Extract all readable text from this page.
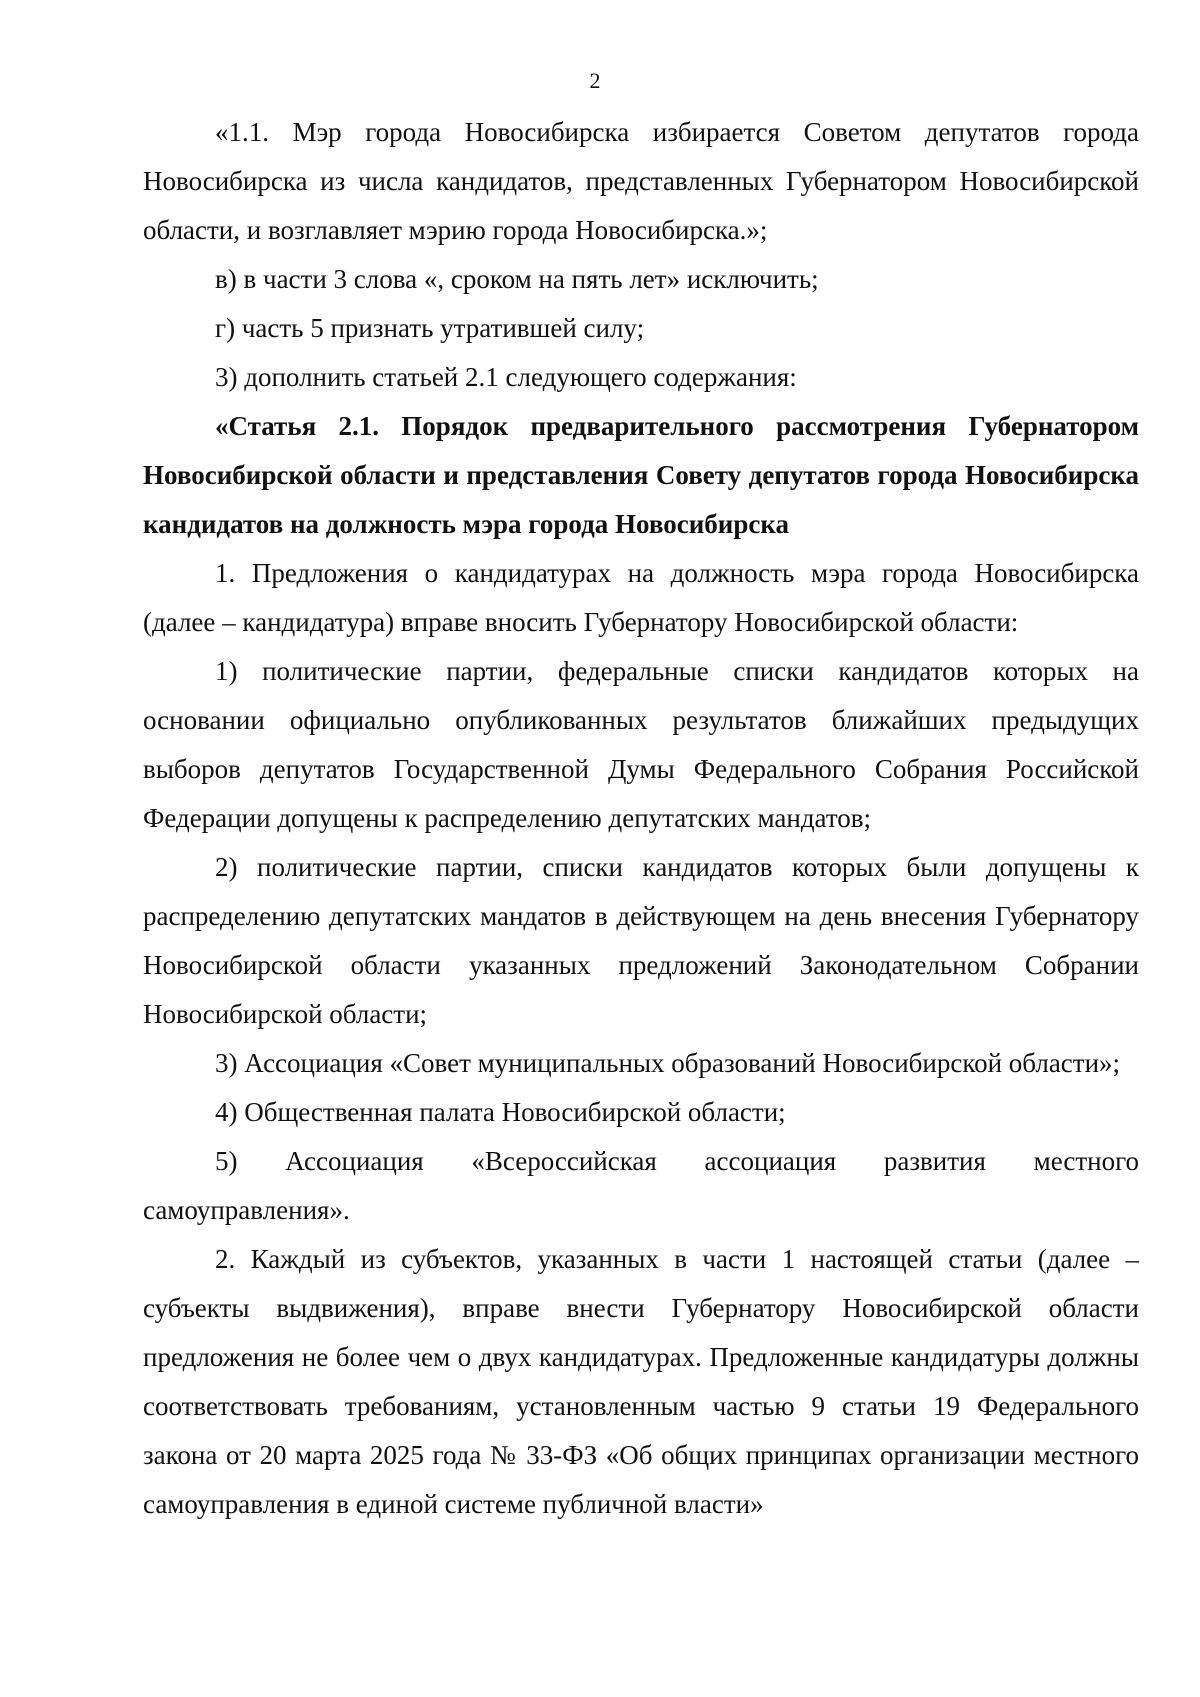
2

«1.1. Мэр города Новосибирска избирается Советом депутатов города Новосибирска из числа кандидатов, представленных Губернатором Новосибирской области, и возглавляет мэрию города Новосибирска.»;

в) в части 3 слова «, сроком на пять лет» исключить;

г) часть 5 признать утратившей силу;

3) дополнить статьей 2.1 следующего содержания:

«Статья 2.1. Порядок предварительного рассмотрения Губернатором Новосибирской области и представления Совету депутатов города Новосибирска кандидатов на должность мэра города Новосибирска

1. Предложения о кандидатурах на должность мэра города Новосибирска (далее – кандидатура) вправе вносить Губернатору Новосибирской области:

1) политические партии, федеральные списки кандидатов которых на основании официально опубликованных результатов ближайших предыдущих выборов депутатов Государственной Думы Федерального Собрания Российской Федерации допущены к распределению депутатских мандатов;

2) политические партии, списки кандидатов которых были допущены к распределению депутатских мандатов в действующем на день внесения Губернатору Новосибирской области указанных предложений Законодательном Собрании Новосибирской области;

3) Ассоциация «Совет муниципальных образований Новосибирской области»;

4) Общественная палата Новосибирской области;

5) Ассоциация «Всероссийская ассоциация развития местного самоуправления».

2. Каждый из субъектов, указанных в части 1 настоящей статьи (далее – субъекты выдвижения), вправе внести Губернатору Новосибирской области предложения не более чем о двух кандидатурах. Предложенные кандидатуры должны соответствовать требованиям, установленным частью 9 статьи 19 Федерального закона от 20 марта 2025 года № 33-ФЗ «Об общих принципах организации местного самоуправления в единой системе публичной власти»
